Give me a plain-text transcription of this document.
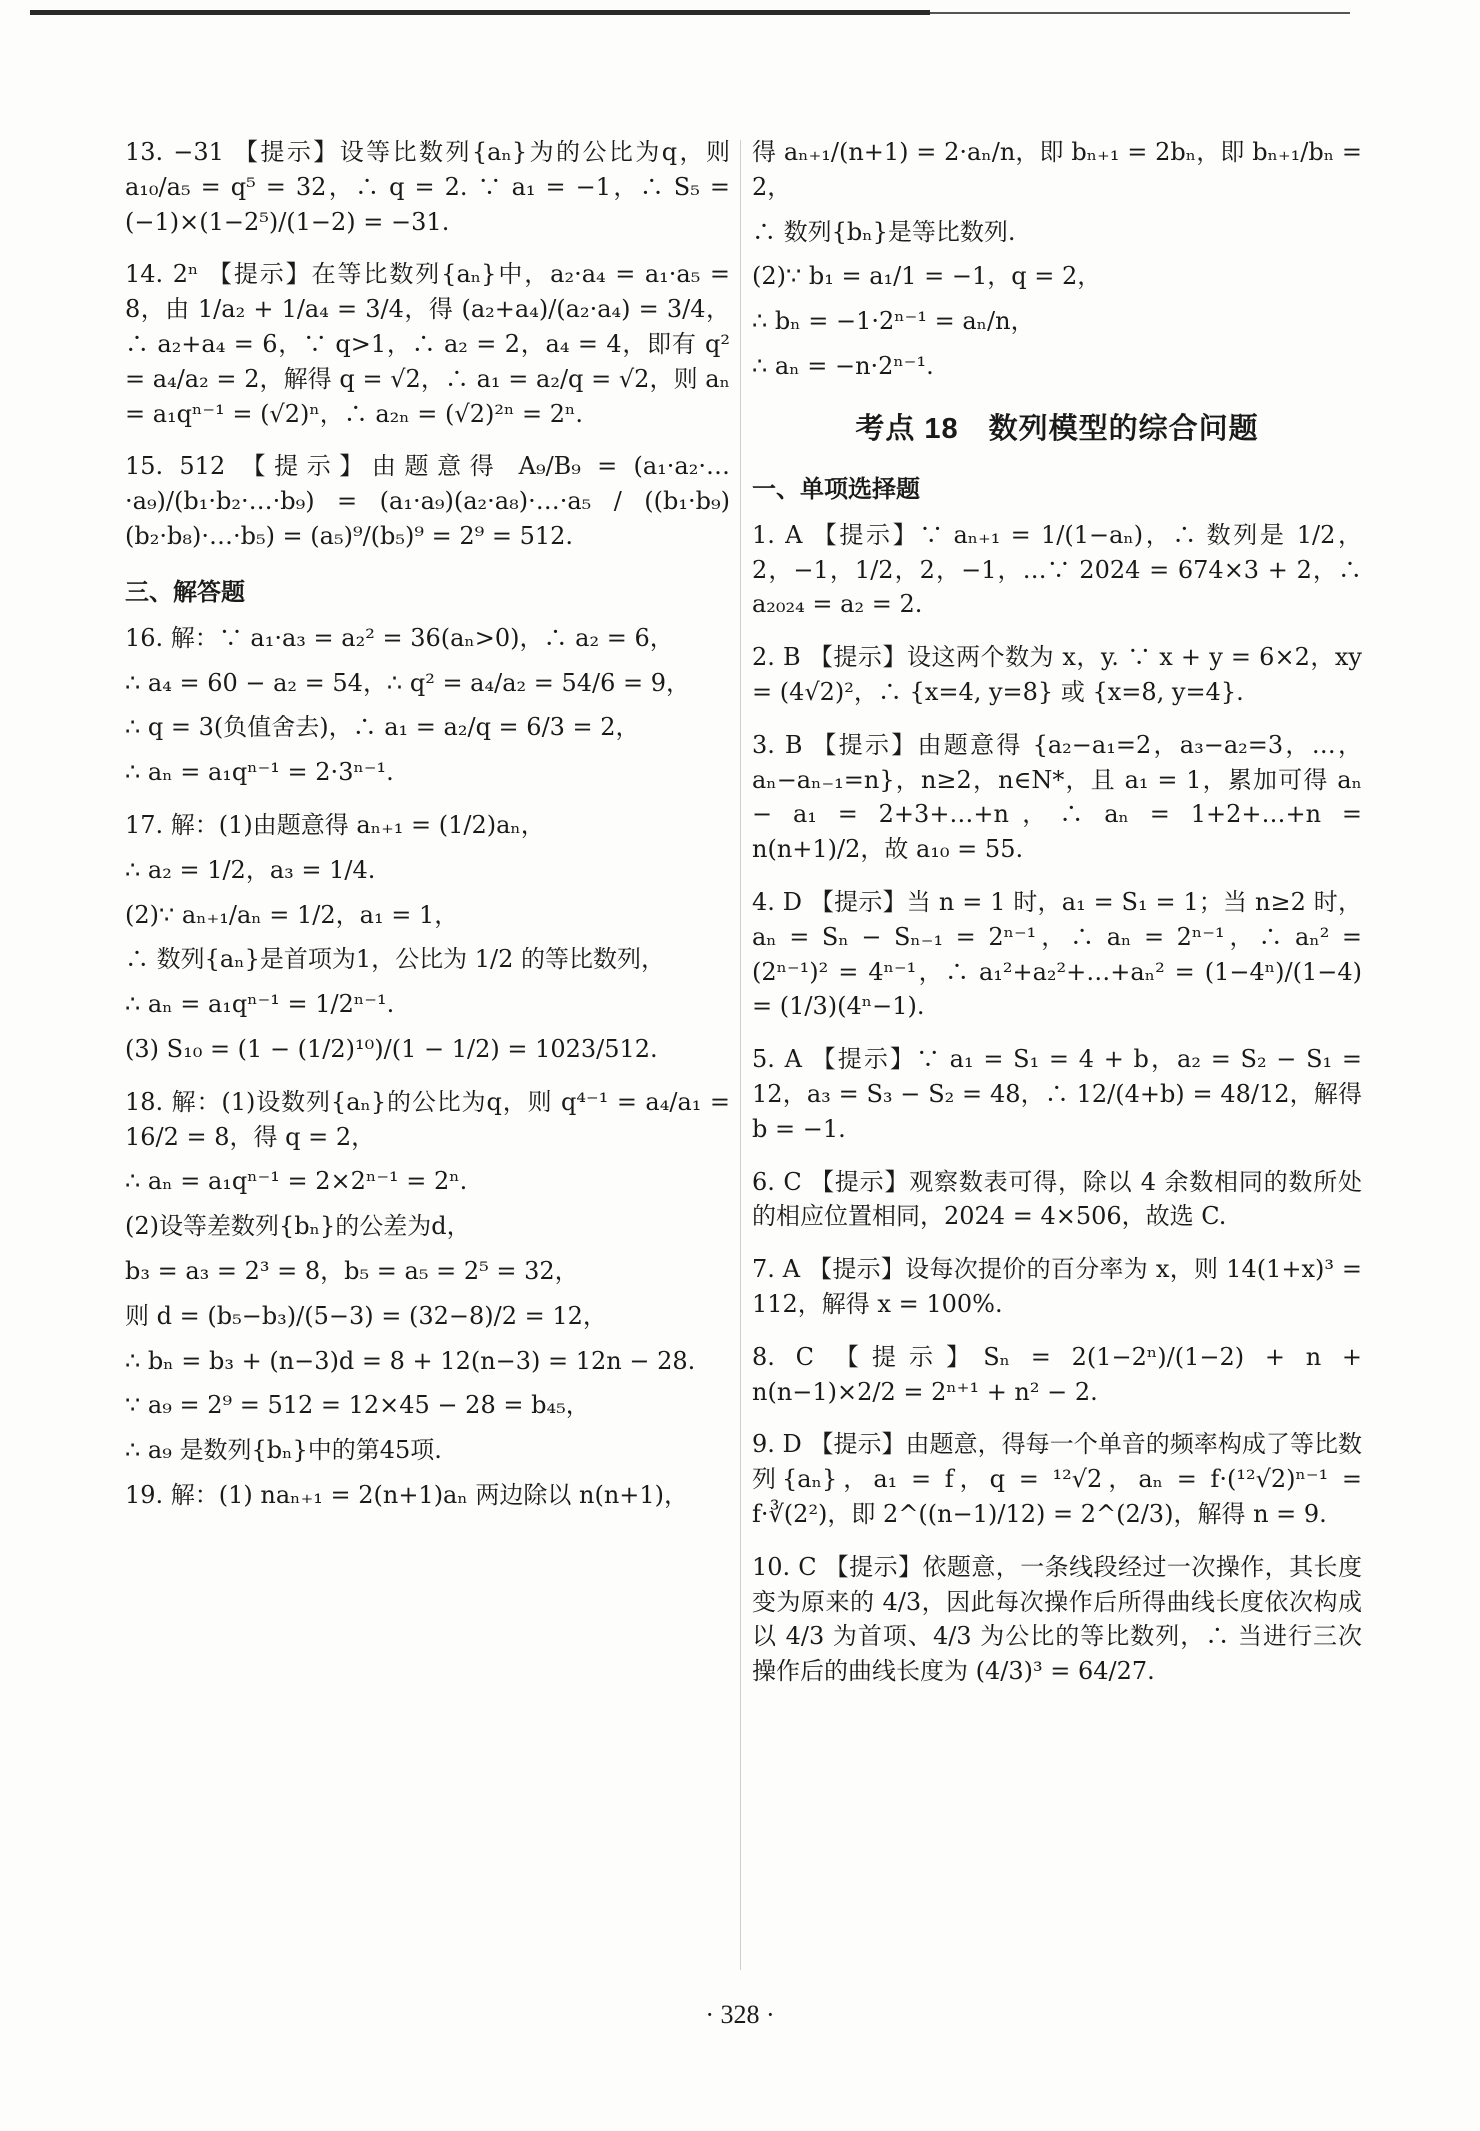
13. −31 【提示】设等比数列{aₙ}为的公比为q，则 a₁₀/a₅ = q⁵ = 32，∴ q = 2. ∵ a₁ = −1，∴ S₅ = (−1)×(1−2⁵)/(1−2) = −31.

14. 2ⁿ 【提示】在等比数列{aₙ}中，a₂·a₄ = a₁·a₅ = 8，由 1/a₂ + 1/a₄ = 3/4，得 (a₂+a₄)/(a₂·a₄) = 3/4，∴ a₂+a₄ = 6，∵ q>1，∴ a₂ = 2，a₄ = 4，即有 q² = a₄/a₂ = 2，解得 q = √2，∴ a₁ = a₂/q = √2，则 aₙ = a₁qⁿ⁻¹ = (√2)ⁿ，∴ a₂ₙ = (√2)²ⁿ = 2ⁿ.

15. 512 【提示】由题意得 A₉/B₉ = (a₁·a₂·…·a₉)/(b₁·b₂·…·b₉) = (a₁·a₉)(a₂·a₈)·…·a₅ / ((b₁·b₉)(b₂·b₈)·…·b₅) = (a₅)⁹/(b₅)⁹ = 2⁹ = 512.

三、解答题

16. 解：∵ a₁·a₃ = a₂² = 36(aₙ>0)，∴ a₂ = 6，

∴ a₄ = 60 − a₂ = 54，∴ q² = a₄/a₂ = 54/6 = 9，

∴ q = 3(负值舍去)，∴ a₁ = a₂/q = 6/3 = 2，

∴ aₙ = a₁qⁿ⁻¹ = 2·3ⁿ⁻¹.

17. 解：(1)由题意得 aₙ₊₁ = (1/2)aₙ，

∴ a₂ = 1/2，a₃ = 1/4.

(2)∵ aₙ₊₁/aₙ = 1/2，a₁ = 1，

∴ 数列{aₙ}是首项为1，公比为 1/2 的等比数列，

∴ aₙ = a₁qⁿ⁻¹ = 1/2ⁿ⁻¹.

(3) S₁₀ = (1 − (1/2)¹⁰)/(1 − 1/2) = 1023/512.

18. 解：(1)设数列{aₙ}的公比为q，则 q⁴⁻¹ = a₄/a₁ = 16/2 = 8，得 q = 2，

∴ aₙ = a₁qⁿ⁻¹ = 2×2ⁿ⁻¹ = 2ⁿ.

(2)设等差数列{bₙ}的公差为d，

b₃ = a₃ = 2³ = 8，b₅ = a₅ = 2⁵ = 32，

则 d = (b₅−b₃)/(5−3) = (32−8)/2 = 12，

∴ bₙ = b₃ + (n−3)d = 8 + 12(n−3) = 12n − 28.

∵ a₉ = 2⁹ = 512 = 12×45 − 28 = b₄₅，

∴ a₉ 是数列{bₙ}中的第45项.

19. 解：(1) naₙ₊₁ = 2(n+1)aₙ 两边除以 n(n+1)，

得 aₙ₊₁/(n+1) = 2·aₙ/n，即 bₙ₊₁ = 2bₙ，即 bₙ₊₁/bₙ = 2，

∴ 数列{bₙ}是等比数列.

(2)∵ b₁ = a₁/1 = −1，q = 2，

∴ bₙ = −1·2ⁿ⁻¹ = aₙ/n，

∴ aₙ = −n·2ⁿ⁻¹.

考点 18　数列模型的综合问题
一、单项选择题

1. A 【提示】∵ aₙ₊₁ = 1/(1−aₙ)，∴ 数列是 1/2，2，−1，1/2，2，−1，…∵ 2024 = 674×3 + 2，∴ a₂₀₂₄ = a₂ = 2.

2. B 【提示】设这两个数为 x，y. ∵ x + y = 6×2，xy = (4√2)²，∴ {x=4, y=8} 或 {x=8, y=4}.

3. B 【提示】由题意得 {a₂−a₁=2，a₃−a₂=3，…，aₙ−aₙ₋₁=n}，n≥2，n∈N*，且 a₁ = 1，累加可得 aₙ − a₁ = 2+3+…+n，∴ aₙ = 1+2+…+n = n(n+1)/2，故 a₁₀ = 55.

4. D 【提示】当 n = 1 时，a₁ = S₁ = 1；当 n≥2 时，aₙ = Sₙ − Sₙ₋₁ = 2ⁿ⁻¹，∴ aₙ = 2ⁿ⁻¹，∴ aₙ² = (2ⁿ⁻¹)² = 4ⁿ⁻¹，∴ a₁²+a₂²+…+aₙ² = (1−4ⁿ)/(1−4) = (1/3)(4ⁿ−1).

5. A 【提示】∵ a₁ = S₁ = 4 + b，a₂ = S₂ − S₁ = 12，a₃ = S₃ − S₂ = 48，∴ 12/(4+b) = 48/12，解得 b = −1.

6. C 【提示】观察数表可得，除以 4 余数相同的数所处的相应位置相同，2024 = 4×506，故选 C.

7. A 【提示】设每次提价的百分率为 x，则 14(1+x)³ = 112，解得 x = 100%.

8. C 【提示】Sₙ = 2(1−2ⁿ)/(1−2) + n + n(n−1)×2/2 = 2ⁿ⁺¹ + n² − 2.

9. D 【提示】由题意，得每一个单音的频率构成了等比数列{aₙ}，a₁ = f，q = ¹²√2，aₙ = f·(¹²√2)ⁿ⁻¹ = f·∛(2²)，即 2^((n−1)/12) = 2^(2/3)，解得 n = 9.

10. C 【提示】依题意，一条线段经过一次操作，其长度变为原来的 4/3，因此每次操作后所得曲线长度依次构成以 4/3 为首项、4/3 为公比的等比数列，∴ 当进行三次操作后的曲线长度为 (4/3)³ = 64/27.

· 328 ·
